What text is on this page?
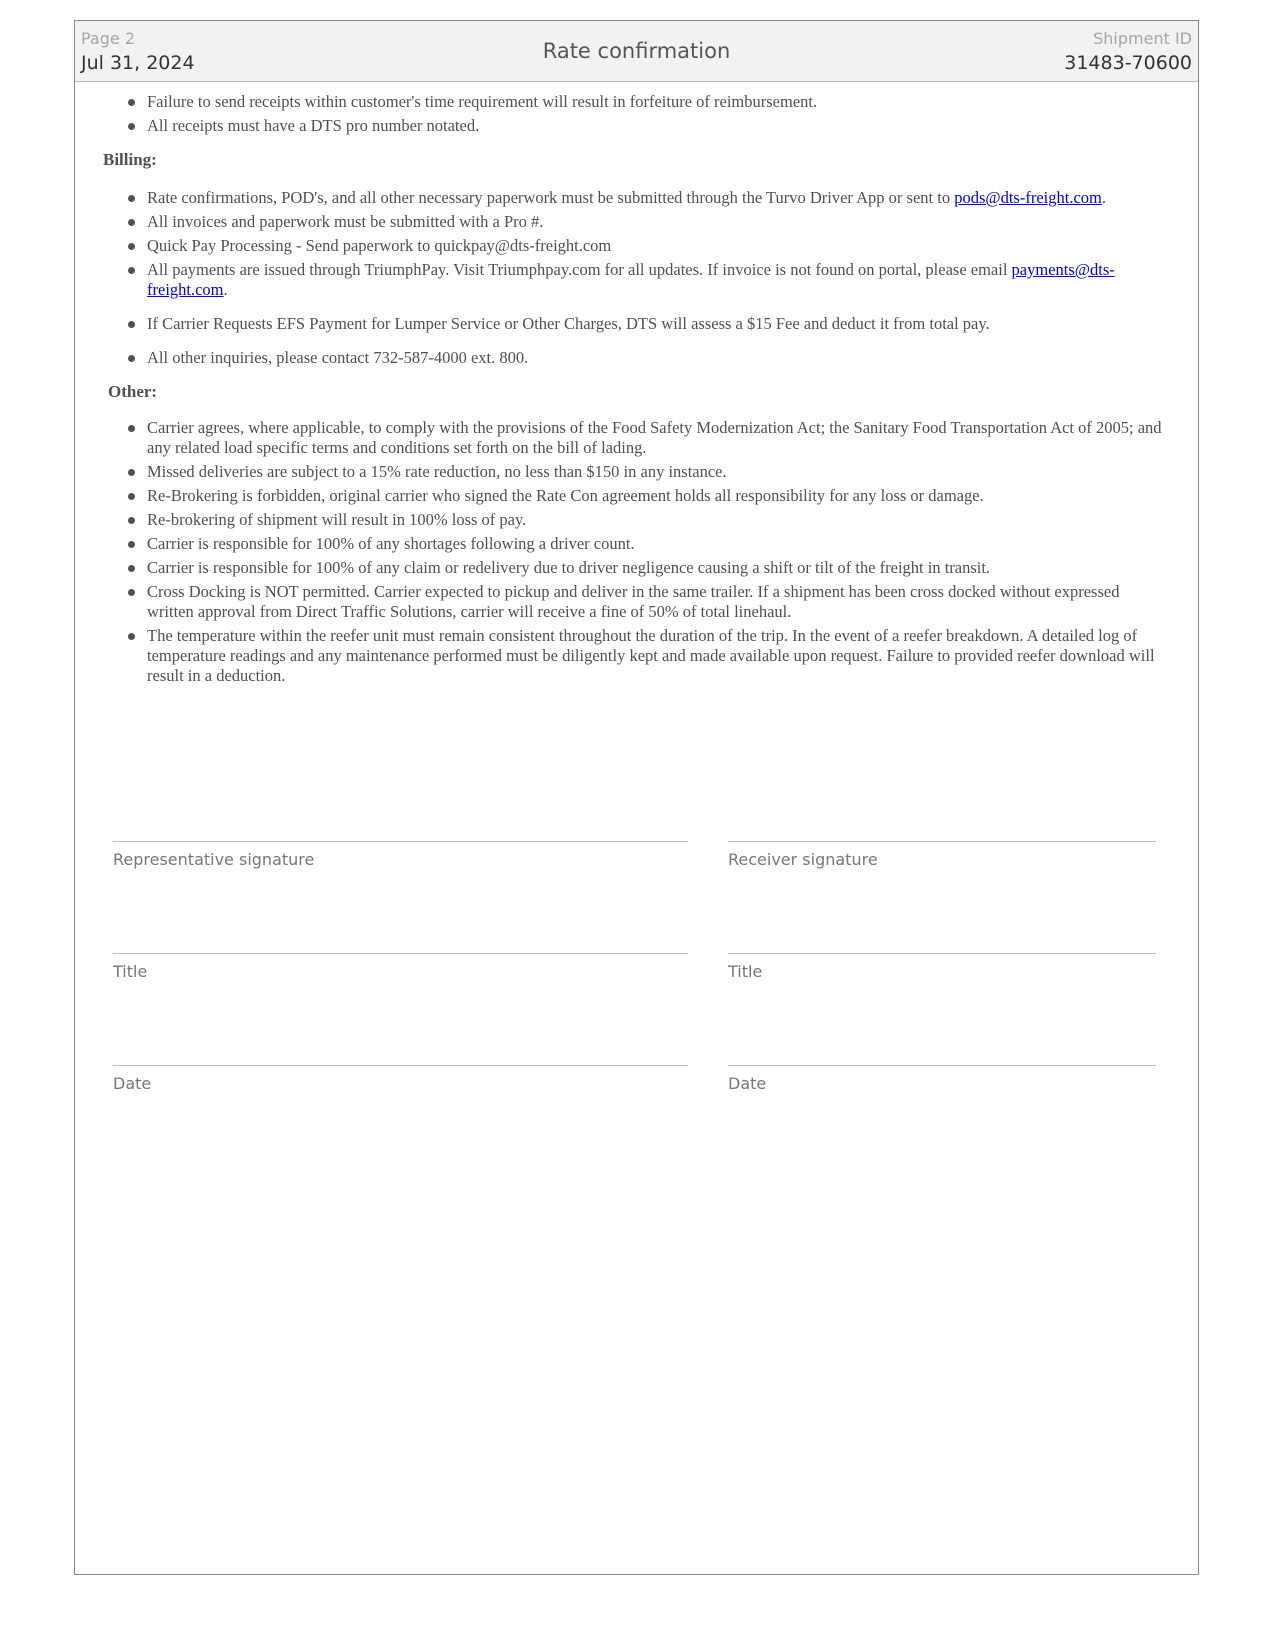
Page 2
Jul 31, 2024	Rate confirmation
Shipment ID
31483-70600
Failure to send receipts within customer's time requirement will result in forfeiture of reimbursement.
All receipts must have a DTS pro number notated.
Billing:
Rate confirmations, POD's, and all other necessary paperwork must be submitted through the Turvo Driver App or sent to pods@dts-freight.com.
All invoices and paperwork must be submitted with a Pro #.
Quick Pay Processing - Send paperwork to quickpay@dts-freight.com
All payments are issued through TriumphPay. Visit Triumphpay.com for all updates. If invoice is not found on portal, please email payments@dts-freight.com.
If Carrier Requests EFS Payment for Lumper Service or Other Charges, DTS will assess a $15 Fee and deduct it from total pay.
All other inquiries, please contact 732-587-4000 ext. 800.
Other:
Carrier agrees, where applicable, to comply with the provisions of the Food Safety Modernization Act; the Sanitary Food Transportation Act of 2005; and any related load specific terms and conditions set forth on the bill of lading.
Missed deliveries are subject to a 15% rate reduction, no less than $150 in any instance.
Re-Brokering is forbidden, original carrier who signed the Rate Con agreement holds all responsibility for any loss or damage.
Re-brokering of shipment will result in 100% loss of pay.
Carrier is responsible for 100% of any shortages following a driver count.
Carrier is responsible for 100% of any claim or redelivery due to driver negligence causing a shift or tilt of the freight in transit.
Cross Docking is NOT permitted. Carrier expected to pickup and deliver in the same trailer. If a shipment has been cross docked without expressed written approval from Direct Traffic Solutions, carrier will receive a fine of 50% of total linehaul.
The temperature within the reefer unit must remain consistent throughout the duration of the trip. In the event of a reefer breakdown. A detailed log of temperature readings and any maintenance performed must be diligently kept and made available upon request. Failure to provided reefer download will result in a deduction.
Representative signature	Receiver signature
Title	Title
Date	Date
